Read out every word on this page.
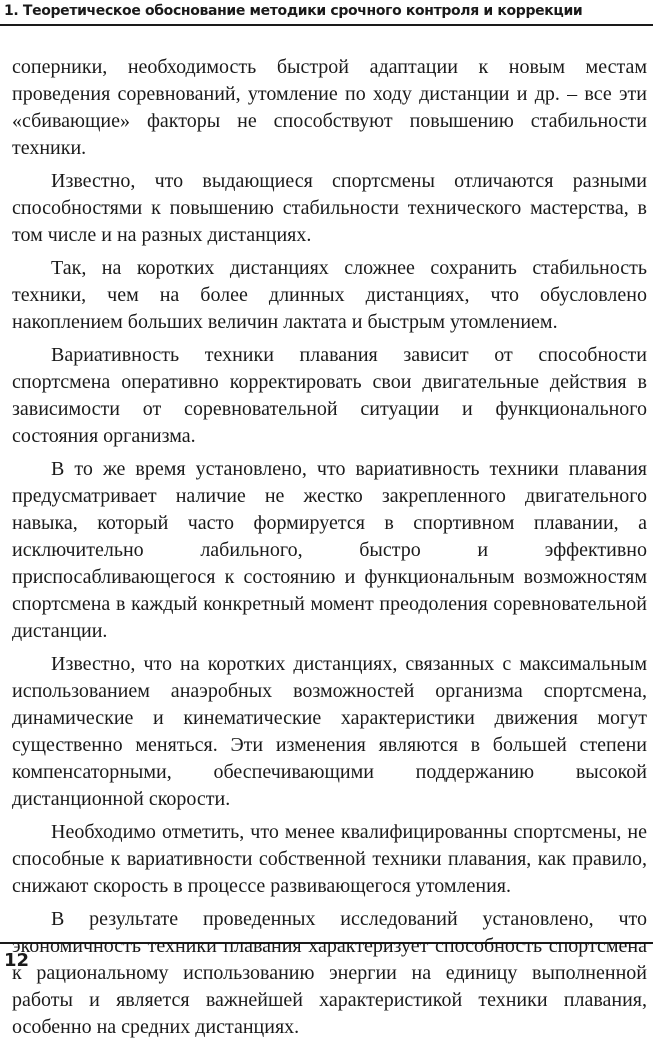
1. Теоретическое обоснование методики срочного контроля и коррекции

соперники, необходимость быстрой адаптации к новым местам проведения соревнований, утомление по ходу дистанции и др. – все эти «сбивающие» факторы не способствуют повышению стабильности техники.

Известно, что выдающиеся спортсмены отличаются разными способностями к повышению стабильности технического мастерства, в том числе и на разных дистанциях.

Так, на коротких дистанциях сложнее сохранить стабильность техники, чем на более длинных дистанциях, что обусловлено накоплением больших величин лактата и быстрым утомлением.

Вариативность техники плавания зависит от способности спортсмена оперативно корректировать свои двигательные действия в зависимости от соревновательной ситуации и функционального состояния организма.

В то же время установлено, что вариативность техники плавания предусматривает наличие не жестко закрепленного двигательного навыка, который часто формируется в спортивном плавании, а исключительно лабильного, быстро и эффективно приспосабливающегося к состоянию и функциональным возможностям спортсмена в каждый конкретный момент преодоления соревновательной дистанции.

Известно, что на коротких дистанциях, связанных с максимальным использованием анаэробных возможностей организма спортсмена, динамические и кинематические характеристики движения могут существенно меняться. Эти изменения являются в большей степени компенсаторными, обеспечивающими поддержанию высокой дистанционной скорости.

Необходимо отметить, что менее квалифицированны спортсмены, не способные к вариативности собственной техники плавания, как правило, снижают скорость в процессе развивающегося утомления.

В результате проведенных исследований установлено, что экономичность техники плавания характеризует способность спортсмена к рациональному использованию энергии на единицу выполненной работы и является важнейшей характеристикой техники плавания, особенно на средних дистанциях.

12
